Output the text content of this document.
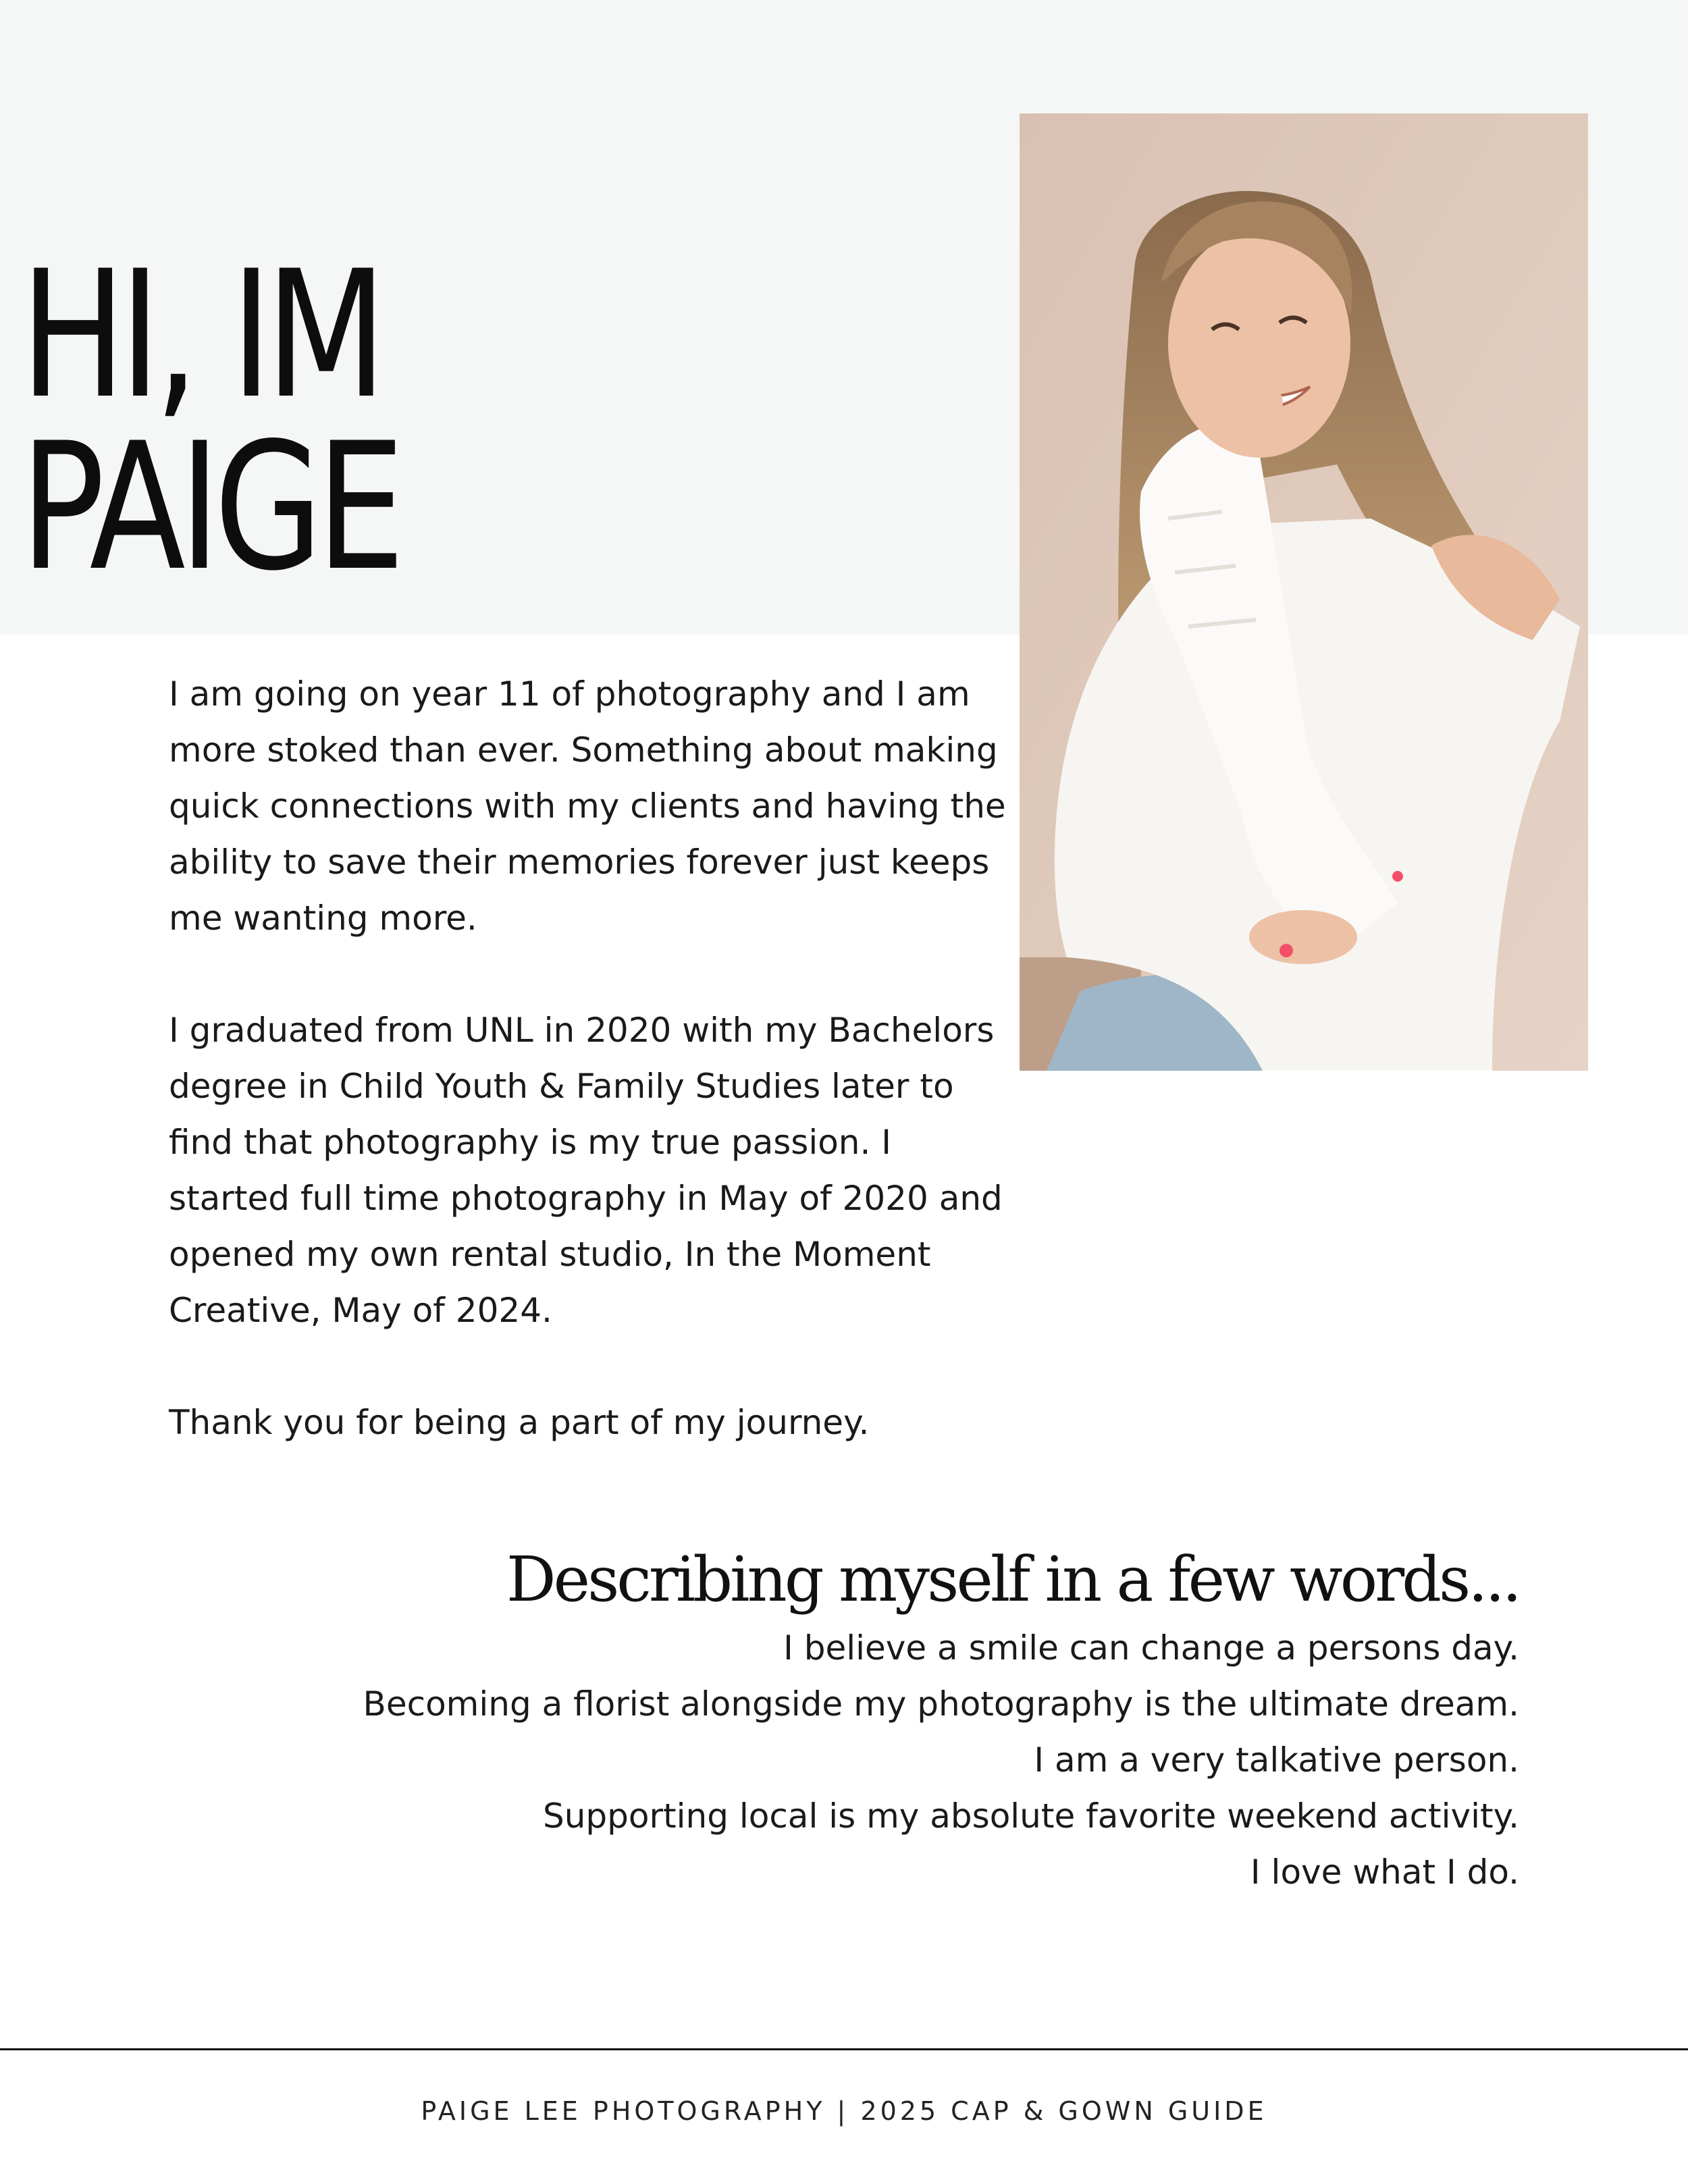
HI, IM
PAIGE

I am going on year 11 of photography and I am more stoked than ever. Something about making quick connections with my clients and having the ability to save their memories forever just keeps me wanting more.

I graduated from UNL in 2020 with my Bachelors degree in Child Youth & Family Studies later to find that photography is my true passion. I started full time photography in May of 2020 and opened my own rental studio, In the Moment Creative, May of 2024.

Thank you for being a part of my journey.

Describing myself in a few words...
I believe a smile can change a persons day.
Becoming a florist alongside my photography is the ultimate dream.
I am a very talkative person.
Supporting local is my absolute favorite weekend activity.
I love what I do.
PAIGE LEE PHOTOGRAPHY | 2025 CAP & GOWN GUIDE
